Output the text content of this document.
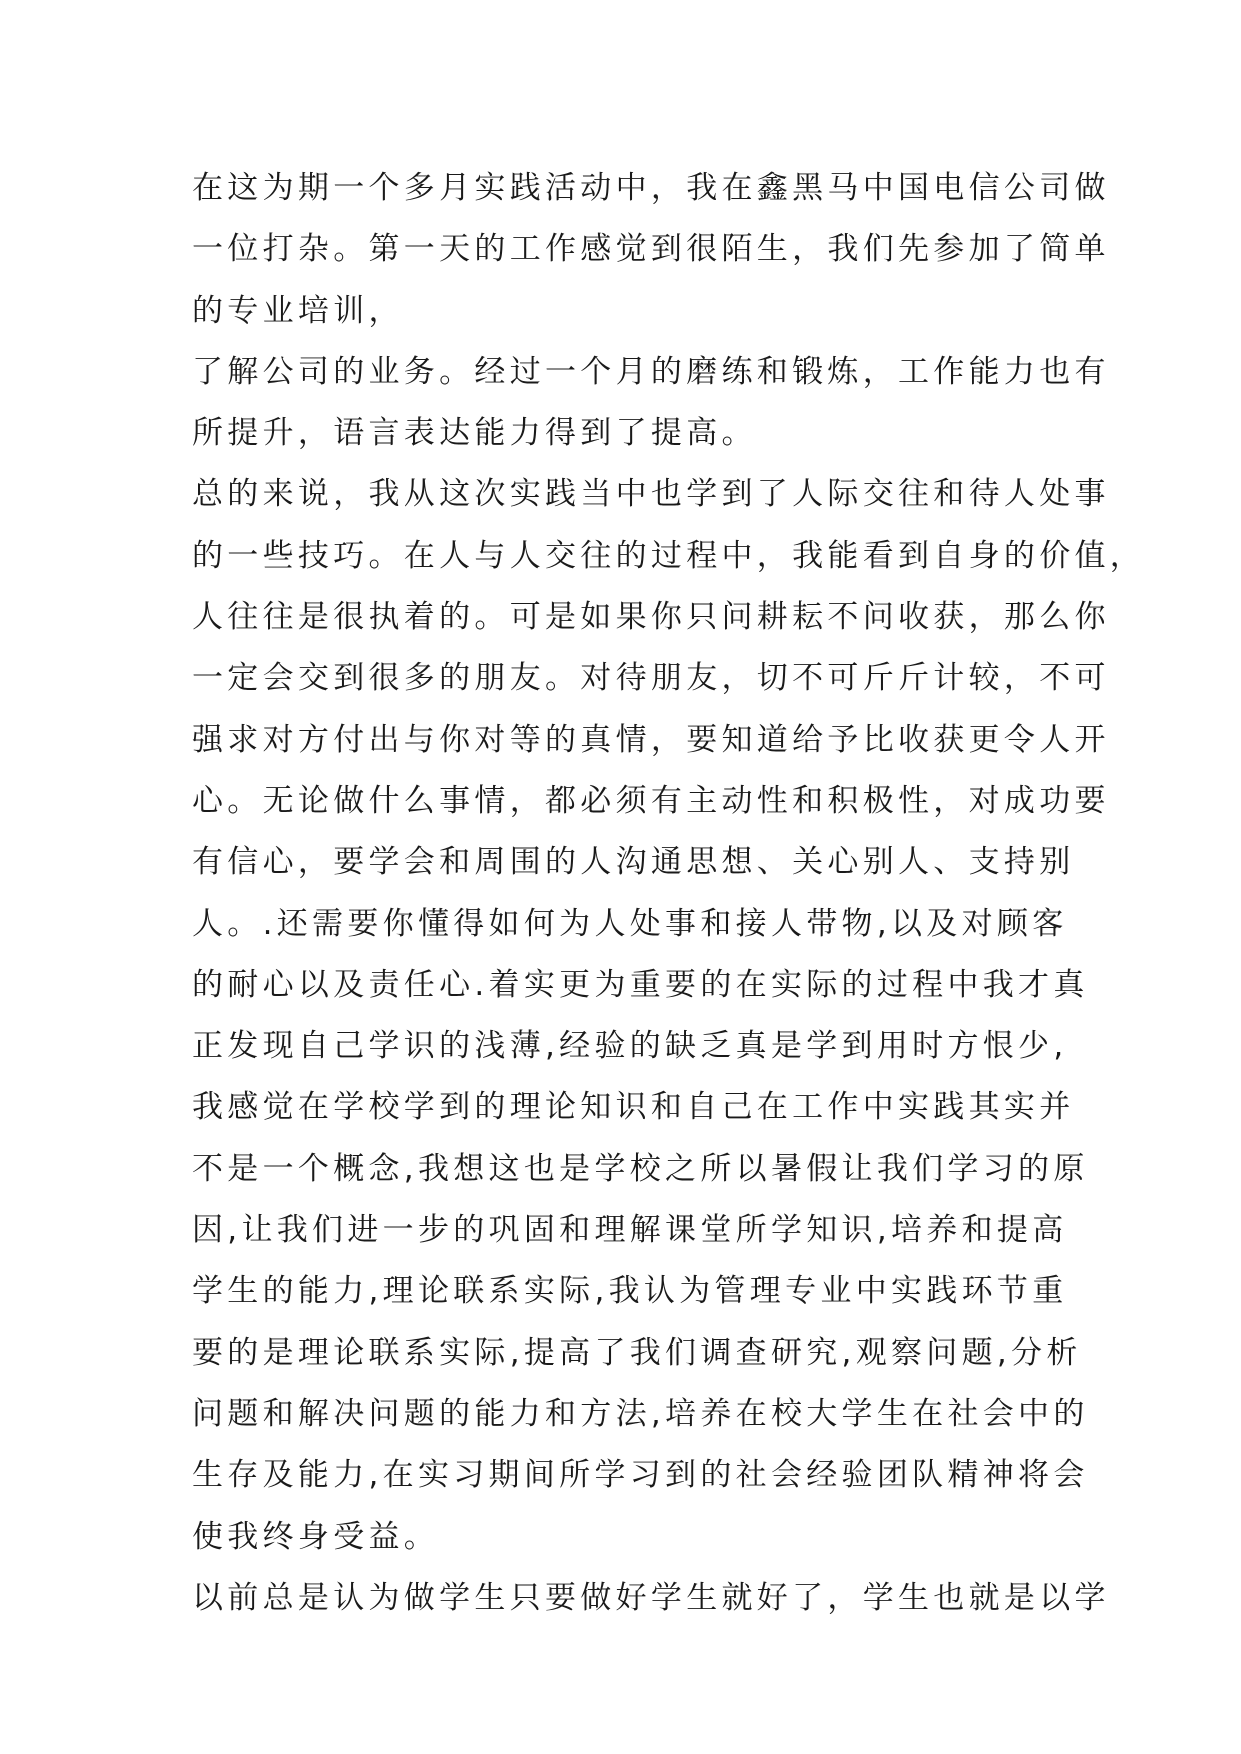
在这为期一个多月实践活动中，我在鑫黑马中国电信公司做
一位打杂。第一天的工作感觉到很陌生，我们先参加了简单
的专业培训，
了解公司的业务。经过一个月的磨练和锻炼，工作能力也有
所提升，语言表达能力得到了提高。
总的来说，我从这次实践当中也学到了人际交往和待人处事
的一些技巧。在人与人交往的过程中，我能看到自身的价值，
人往往是很执着的。可是如果你只问耕耘不问收获，那么你
一定会交到很多的朋友。对待朋友，切不可斤斤计较，不可
强求对方付出与你对等的真情，要知道给予比收获更令人开
心。无论做什么事情，都必须有主动性和积极性，对成功要
有信心，要学会和周围的人沟通思想、关心别人、支持别
人。.还需要你懂得如何为人处事和接人带物,以及对顾客
的耐心以及责任心.着实更为重要的在实际的过程中我才真
正发现自己学识的浅薄,经验的缺乏真是学到用时方恨少,
我感觉在学校学到的理论知识和自己在工作中实践其实并
不是一个概念,我想这也是学校之所以暑假让我们学习的原
因,让我们进一步的巩固和理解课堂所学知识,培养和提高
学生的能力,理论联系实际,我认为管理专业中实践环节重
要的是理论联系实际,提高了我们调查研究,观察问题,分析
问题和解决问题的能力和方法,培养在校大学生在社会中的
生存及能力,在实习期间所学习到的社会经验团队精神将会
使我终身受益。
以前总是认为做学生只要做好学生就好了，学生也就是以学
